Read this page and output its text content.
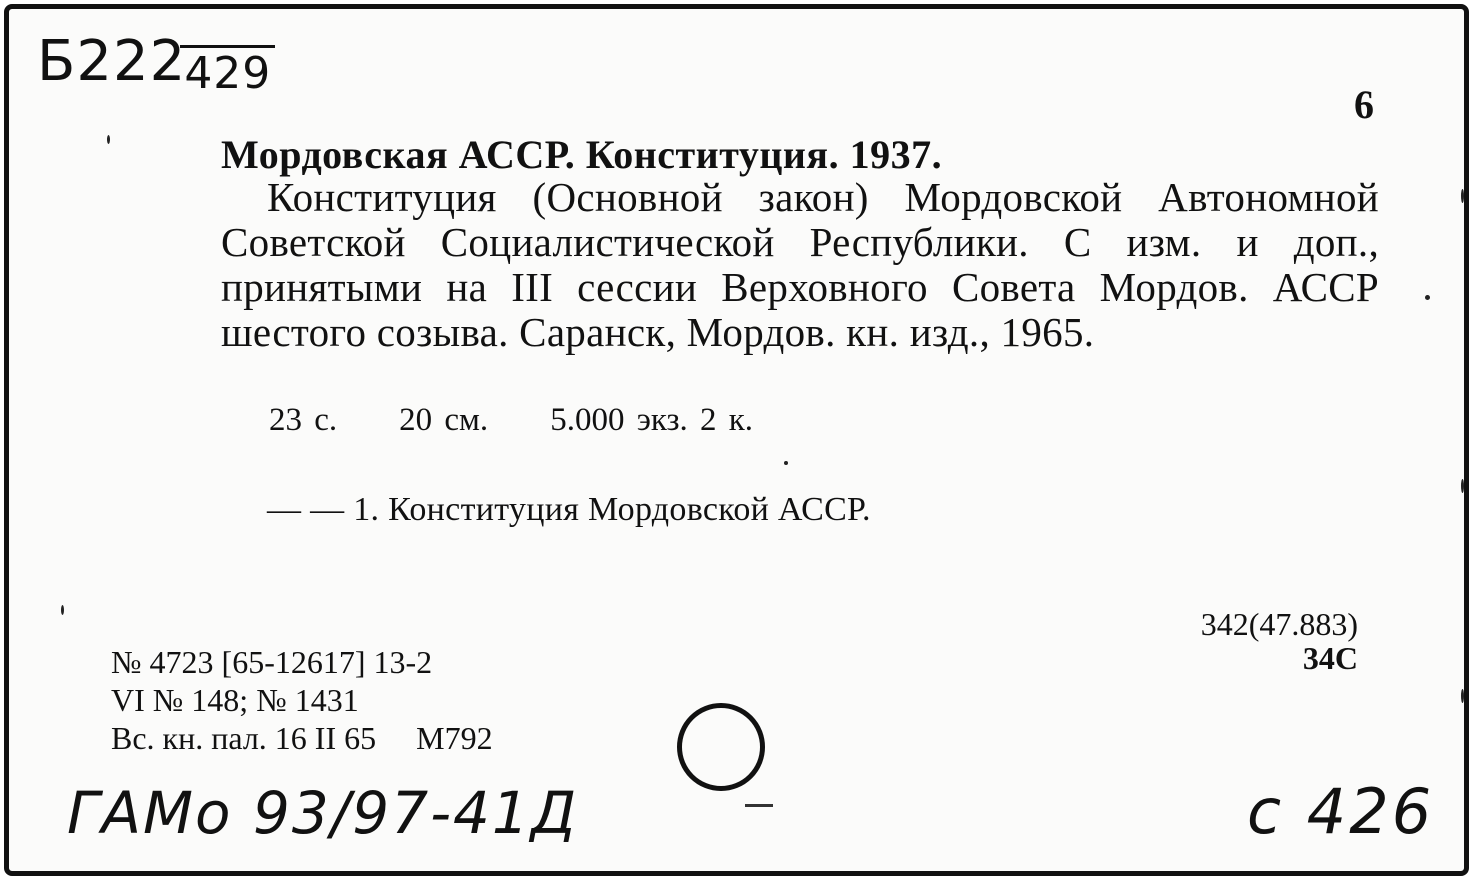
Б222429
6
Мордовская АССР. Конституция. 1937.
Конституция (Основной закон) Мордовской Автономной Советской Социалистической Республики. С изм. и доп., принятыми на III сессии Верховного Совета Мордов. АССР шестого созыва. Саранск, Мордов. кн. изд., 1965.
23 с. 20 см. 5.000 экз. 2 к.
— — 1. Конституция Мордовской АССР.
342(47.883)
34С
№ 4723 [65-12617] 13-2
VI № 148; № 1431
Вс. кн. пал. 16 II 65     М792
ГАМо 93/97-41Д	с 426
